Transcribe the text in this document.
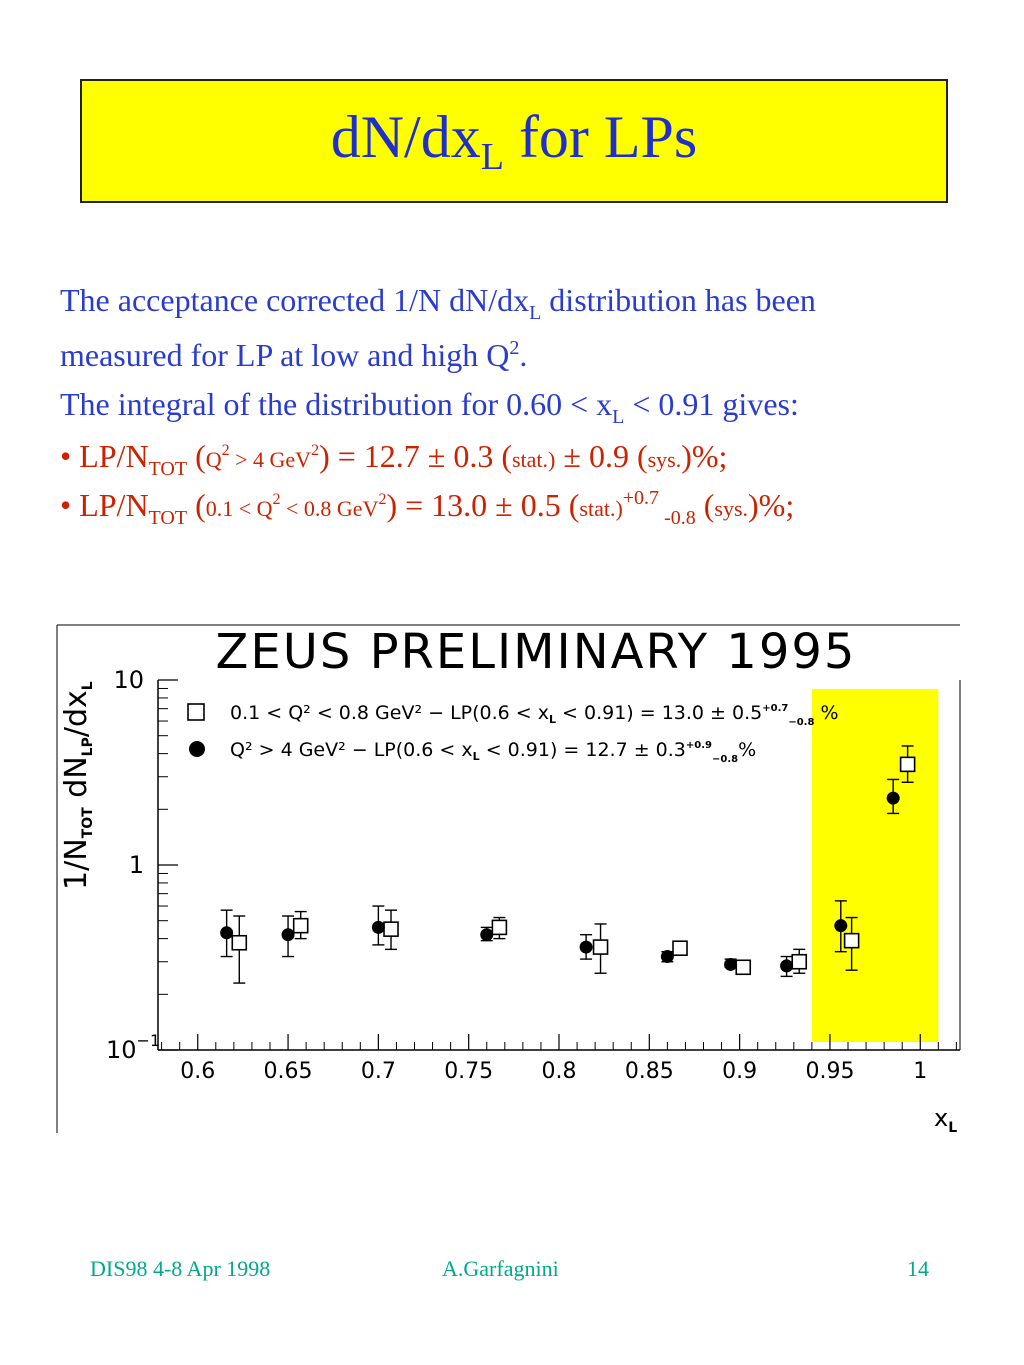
$dN/dx_L$ for LPs
The acceptance corrected 1/N $dN/dx_L$ distribution has been
measured for LP at low and high $Q^2$.
The integral of the distribution for $0.60 < x_L < 0.91$ gives:
• $LP/N_{TOT}$ ($Q^2 > 4$ GeV$^2$) = 12.7 ± 0.3 (stat.) ± 0.9 (sys.)%;
• $LP/N_{TOT}$ ($0.1 < Q^2 < 0.8$ GeV$^2$) = 13.0 ± 0.5 (stat.)$^{+0.7}$ $_{-0.8}$ (sys.)%;
ZEUS PRELIMINARY 1995
0.6 0.65 0.7 0.75 0.8 0.85 0.9 0.95	1
10
1
$10^{-1}$
$x_L$
$1/N_{TOT}$ $dN_{LP}/dx_L$
0.1 < Q² < 0.8 $GeV^2 - LP(0.6 < x_L < 0.91) = 13.0 \pm 0.5^{+0.7}_{-0.8}$ %
Q² > 4 $GeV^2 - LP(0.6 < x_L < 0.91) = 12.7 \pm 0.3^{+0.9}_{-0.8}\%$
DIS98 4-8 Apr 1998	A.Garfagnini	14
